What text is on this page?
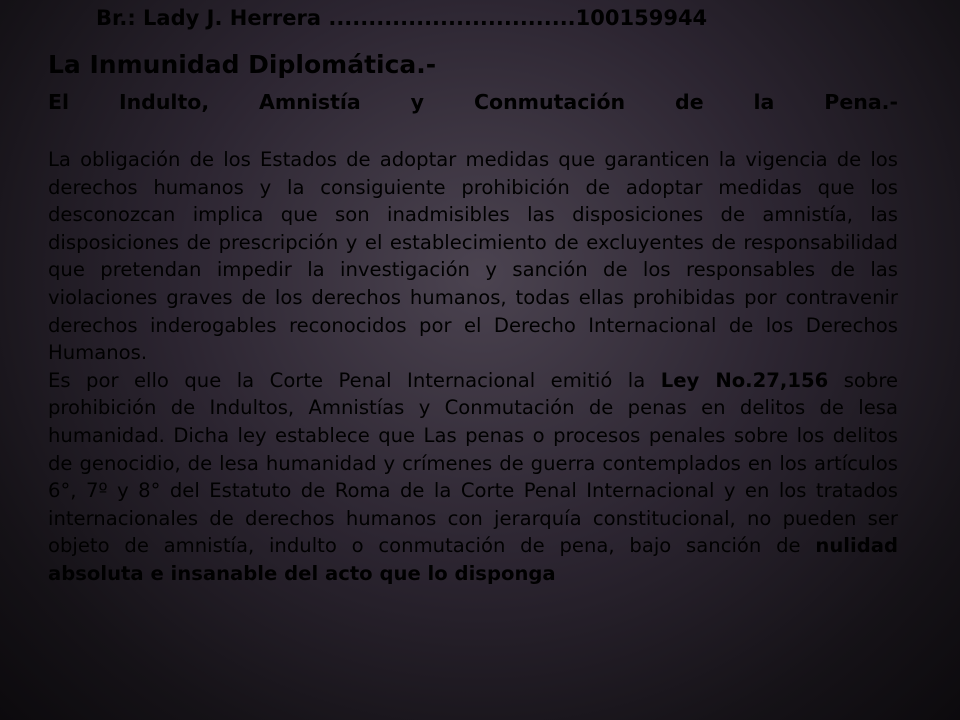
Br.: Lady J. Herrera ...............................100159944
La Inmunidad Diplomática.-
El Indulto, Amnistía y Conmutación de la Pena.-

La obligación de los Estados de adoptar medidas que garanticen la vigencia de los derechos humanos y la consiguiente prohibición de adoptar medidas que los desconozcan implica que son inadmisibles las disposiciones de amnistía, las disposiciones de prescripción y el establecimiento de excluyentes de responsabilidad que pretendan impedir la investigación y sanción de los responsables de las violaciones graves de los derechos humanos, todas ellas prohibidas por contravenir derechos inderogables reconocidos por el Derecho Internacional de los Derechos Humanos.

Es por ello que la Corte Penal Internacional emitió la Ley No.27,156 sobre prohibición de Indultos, Amnistías y Conmutación de penas en delitos de lesa humanidad. Dicha ley establece que Las penas o procesos penales sobre los delitos de genocidio, de lesa humanidad y crímenes de guerra contemplados en los artículos 6°, 7º y 8° del Estatuto de Roma de la Corte Penal Internacional y en los tratados internacionales de derechos humanos con jerarquía constitucional, no pueden ser objeto de amnistía, indulto o conmutación de pena, bajo sanción de nulidad absoluta e insanable del acto que lo disponga
